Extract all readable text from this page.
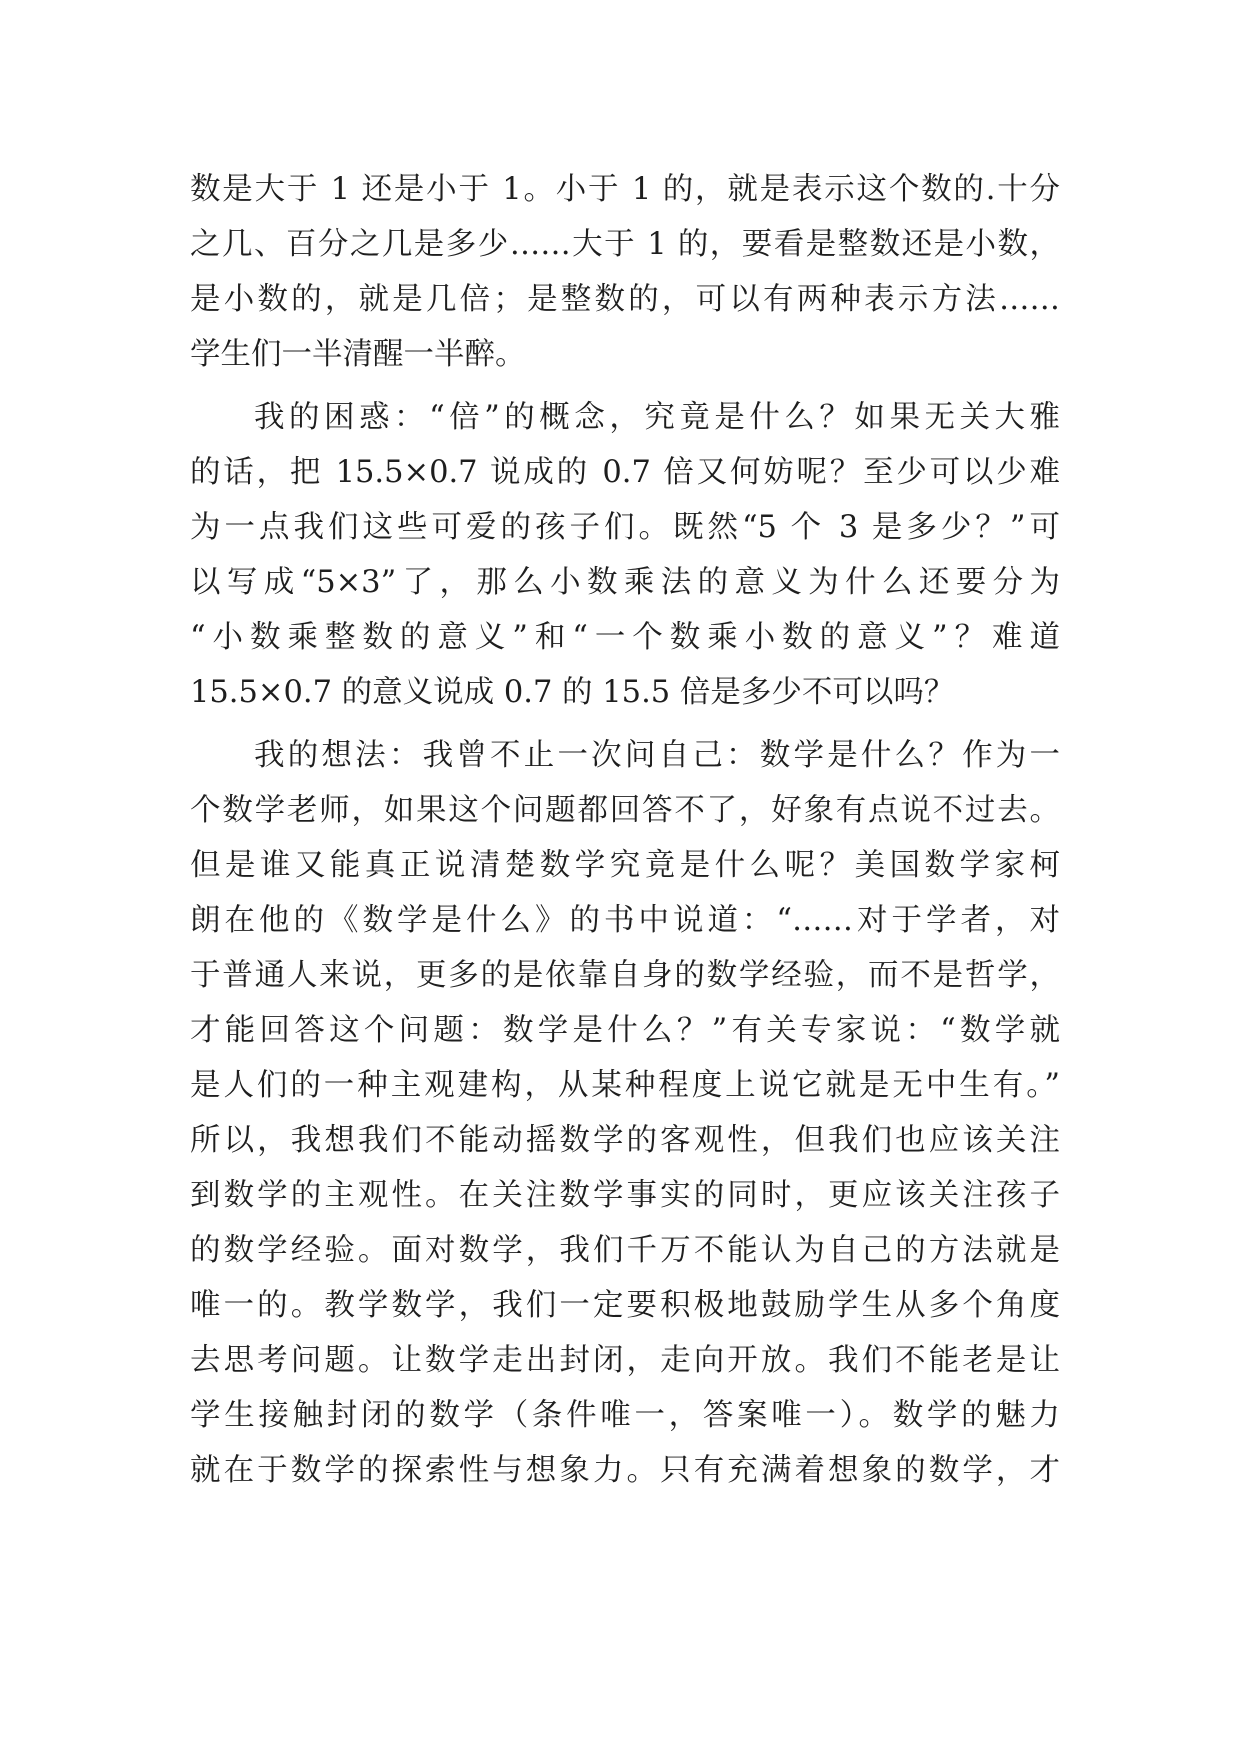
数是大于 1 还是小于 1。小于 1 的，就是表示这个数的.十分

之几、百分之几是多少……大于 1 的，要看是整数还是小数，

是小数的，就是几倍；是整数的，可以有两种表示方法……

学生们一半清醒一半醉。

我的困惑：“倍”的概念，究竟是什么？如果无关大雅

的话，把 15.5×0.7 说成的 0.7 倍又何妨呢？至少可以少难

为一点我们这些可爱的孩子们。既然“5 个 3 是多少？”可

以写成“5×3”了，那么小数乘法的意义为什么还要分为

“小数乘整数的意义”和“一个数乘小数的意义”？难道

15.5×0.7 的意义说成 0.7 的 15.5 倍是多少不可以吗？

我的想法：我曾不止一次问自己：数学是什么？作为一

个数学老师，如果这个问题都回答不了，好象有点说不过去。

但是谁又能真正说清楚数学究竟是什么呢？美国数学家柯

朗在他的《数学是什么》的书中说道：“……对于学者，对

于普通人来说，更多的是依靠自身的数学经验，而不是哲学，

才能回答这个问题：数学是什么？”有关专家说：“数学就

是人们的一种主观建构，从某种程度上说它就是无中生有。”

所以，我想我们不能动摇数学的客观性，但我们也应该关注

到数学的主观性。在关注数学事实的同时，更应该关注孩子

的数学经验。面对数学，我们千万不能认为自己的方法就是

唯一的。教学数学，我们一定要积极地鼓励学生从多个角度

去思考问题。让数学走出封闭，走向开放。我们不能老是让

学生接触封闭的数学（条件唯一，答案唯一）。数学的魅力

就在于数学的探索性与想象力。只有充满着想象的数学，才
